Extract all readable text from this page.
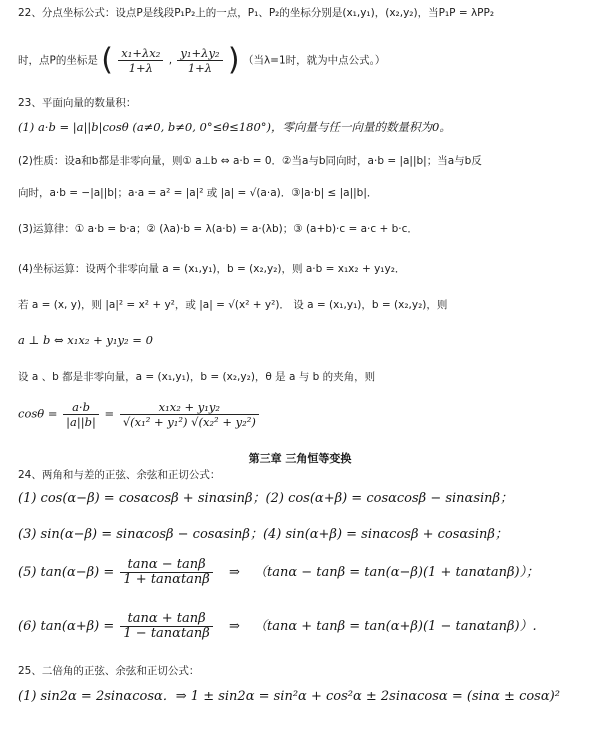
22、分点坐标公式：设点P是线段P₁P₂上的一点，P₁、P₂的坐标分别是(x₁,y₁)，(x₂,y₂)，当P₁P = λPP₂
时，点P的坐标是 ( $\frac{\text{x₁+λx₂}}{1+\lambda}$ , $\frac{\text{y₁+λy₂}}{1+\lambda}$ ) （当λ=1时，就为中点公式。）
23、平面向量的数量积：
(1) a·b = |a||b|cosθ (a≠0, b≠0, 0°≤θ≤180°)，零向量与任一向量的数量积为0。
(2)性质：设a和b都是非零向量，则① a⊥b ⇔ a·b = 0．②当a与b同向时，a·b = |a||b|；当a与b反
向时，a·b = −|a||b|；a·a = a² = |a|² 或 |a| = √(a·a)．③|a·b| ≤ |a||b|．
(3)运算律：① a·b = b·a；② (λa)·b = λ(a·b) = a·(λb)；③ (a+b)·c = a·c + b·c．
(4)坐标运算：设两个非零向量 a = (x₁,y₁)，b = (x₂,y₂)，则 a·b = x₁x₂ + y₁y₂．
若 a = (x, y)，则 |a|² = x² + y²，或 |a| = √(x² + y²)． 设 a = (x₁,y₁)，b = (x₂,y₂)，则
a ⊥ b ⇔ x₁x₂ + y₁y₂ = 0
设 a 、b 都是非零向量，a = (x₁,y₁)，b = (x₂,y₂)，θ 是 a 与 b 的夹角，则
$\cos\theta = \frac{a\cdot b}{|a||b|} = \frac{\text{x₁x₂ + y₁y₂}}{\text{√(x₁² + y₁²) √(x₂² + y₂²)}}$
第三章 三角恒等变换
24、两角和与差的正弦、余弦和正切公式：
(1) cos(α−β) = cosαcosβ + sinαsinβ；(2) cos(α+β) = cosαcosβ − sinαsinβ；
(3) sin(α−β) = sinαcosβ − cosαsinβ；(4) sin(α+β) = sinαcosβ + cosαsinβ；
(5) $\tan(\alpha-\beta) = \frac{\tan\alpha - \tan\beta}{1 + \tan\alpha\tan\beta}$ ⇒ （tanα − tanβ = tan(α−β)(1 + tanαtanβ)）；
(6) $\tan(\alpha+\beta) = \frac{\tan\alpha + \tan\beta}{1 - \tan\alpha\tan\beta}$ ⇒ （tanα + tanβ = tan(α+β)(1 − tanαtanβ)）.
25、二倍角的正弦、余弦和正切公式：
(1) sin2α = 2sinαcosα．⇒ 1 ± sin2α = sin²α + cos²α ± 2sinαcosα = (sinα ± cosα)²
